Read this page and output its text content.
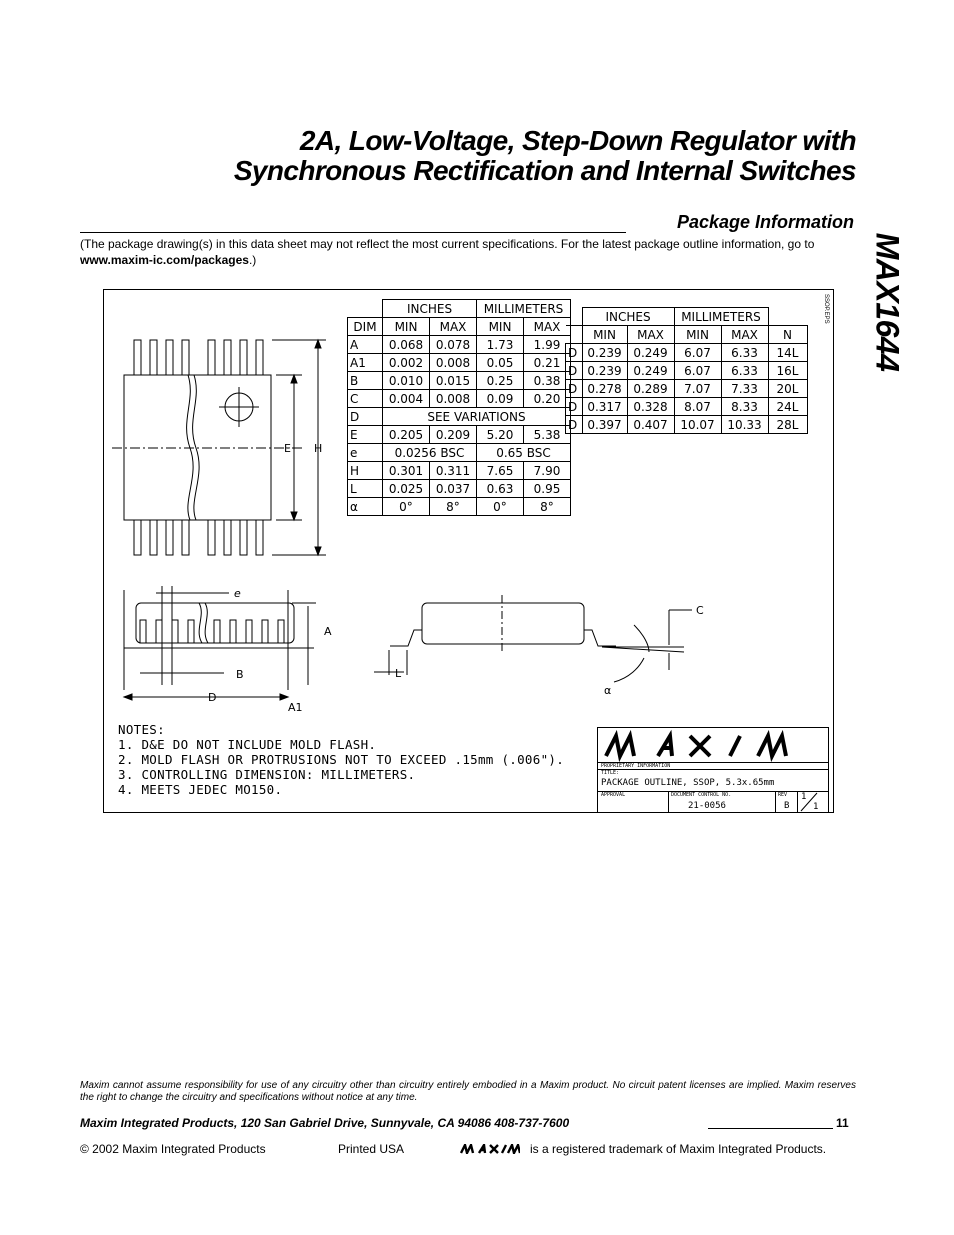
2A, Low-Voltage, Step-Down Regulator with
Synchronous Rectification and Internal Switches
MAX1644
Package Information
(The package drawing(s) in this data sheet may not reflect the most current specifications. For the latest package outline information, go to www.maxim-ic.com/packages.)
SSOP.EPS
E H
e
A
B
D
A1
L
C
α
	INCHES		MILLIMETERS	
DIM	MIN	MAX	MIN	MAX
A	0.068	0.078	1.73	1.99
A1	0.002	0.008	0.05	0.21
B	0.010	0.015	0.25	0.38
C	0.004	0.008	0.09	0.20
D	SEE VARIATIONS			
E	0.205	0.209	5.20	5.38
e	0.0256 BSC		0.65 BSC	
H	0.301	0.311	7.65	7.90
L	0.025	0.037	0.63	0.95
α	0°	8°	0°	8°
	INCHES		MILLIMETERS		
	MIN	MAX	MIN	MAX	N
D	0.239	0.249	6.07	6.33	14L
D	0.239	0.249	6.07	6.33	16L
D	0.278	0.289	7.07	7.33	20L
D	0.317	0.328	8.07	8.33	24L
D	0.397	0.407	10.07	10.33	28L
NOTES:
1. D&E DO NOT INCLUDE MOLD FLASH.
2. MOLD FLASH OR PROTRUSIONS NOT TO EXCEED .15mm (.006").
3. CONTROLLING DIMENSION: MILLIMETERS.
4. MEETS JEDEC MO150.
PROPRIETARY INFORMATION
TITLE:
PACKAGE OUTLINE, SSOP, 5.3x.65mm
APPROVAL	DOCUMENT CONTROL NO.
21-0056
REV
B
1
1
Maxim cannot assume responsibility for use of any circuitry other than circuitry entirely embodied in a Maxim product. No circuit patent licenses are implied. Maxim reserves the right to change the circuitry and specifications without notice at any time.
Maxim Integrated Products, 120 San Gabriel Drive, Sunnyvale, CA 94086 408-737-7600	11
© 2002 Maxim Integrated Products	Printed USA	is a registered trademark of Maxim Integrated Products.
